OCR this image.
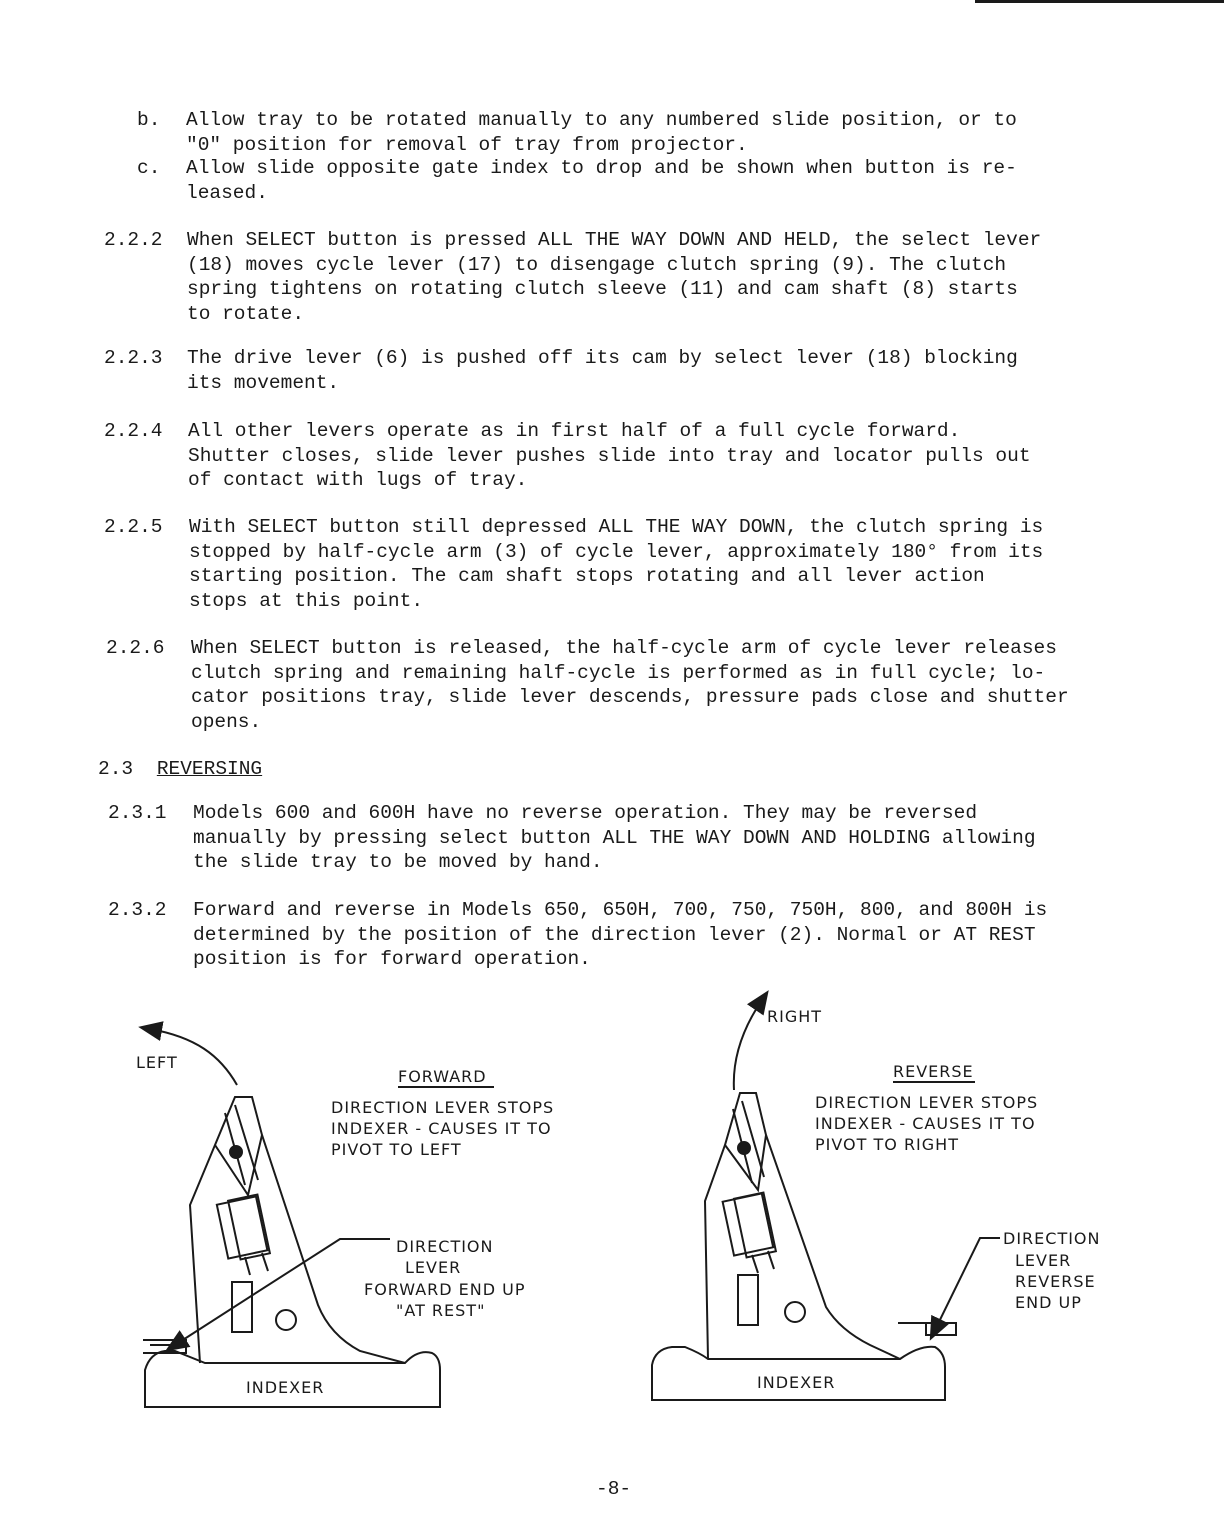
b. Allow tray to be rotated manually to any numbered slide position, or to
"0" position for removal of tray from projector.
c. Allow slide opposite gate index to drop and be shown when button is re-
leased.
2.2.2 When SELECT button is pressed ALL THE WAY DOWN AND HELD, the select lever
(18) moves cycle lever (17) to disengage clutch spring (9). The clutch
spring tightens on rotating clutch sleeve (11) and cam shaft (8) starts
to rotate.
2.2.3 The drive lever (6) is pushed off its cam by select lever (18) blocking
its movement.
2.2.4 All other levers operate as in first half of a full cycle forward.
Shutter closes, slide lever pushes slide into tray and locator pulls out
of contact with lugs of tray.
2.2.5 With SELECT button still depressed ALL THE WAY DOWN, the clutch spring is
stopped by half-cycle arm (3) of cycle lever, approximately 180° from its
starting position. The cam shaft stops rotating and all lever action
stops at this point.
2.2.6 When SELECT button is released, the half-cycle arm of cycle lever releases
clutch spring and remaining half-cycle is performed as in full cycle; lo-
cator positions tray, slide lever descends, pressure pads close and shutter
opens.
2.3 REVERSING
2.3.1 Models 600 and 600H have no reverse operation. They may be reversed
manually by pressing select button ALL THE WAY DOWN AND HOLDING allowing
the slide tray to be moved by hand.
2.3.2 Forward and reverse in Models 650, 650H, 700, 750, 750H, 800, and 800H is
determined by the position of the direction lever (2). Normal or AT REST
position is for forward operation.
LEFT
FORWARD
DIRECTION LEVER STOPS
INDEXER - CAUSES IT TO
PIVOT TO LEFT
DIRECTION
LEVER
FORWARD END UP
"AT REST"
INDEXER
RIGHT
REVERSE
DIRECTION LEVER STOPS
INDEXER - CAUSES IT TO
PIVOT TO RIGHT
DIRECTION
LEVER
REVERSE
END UP
INDEXER
-8-
